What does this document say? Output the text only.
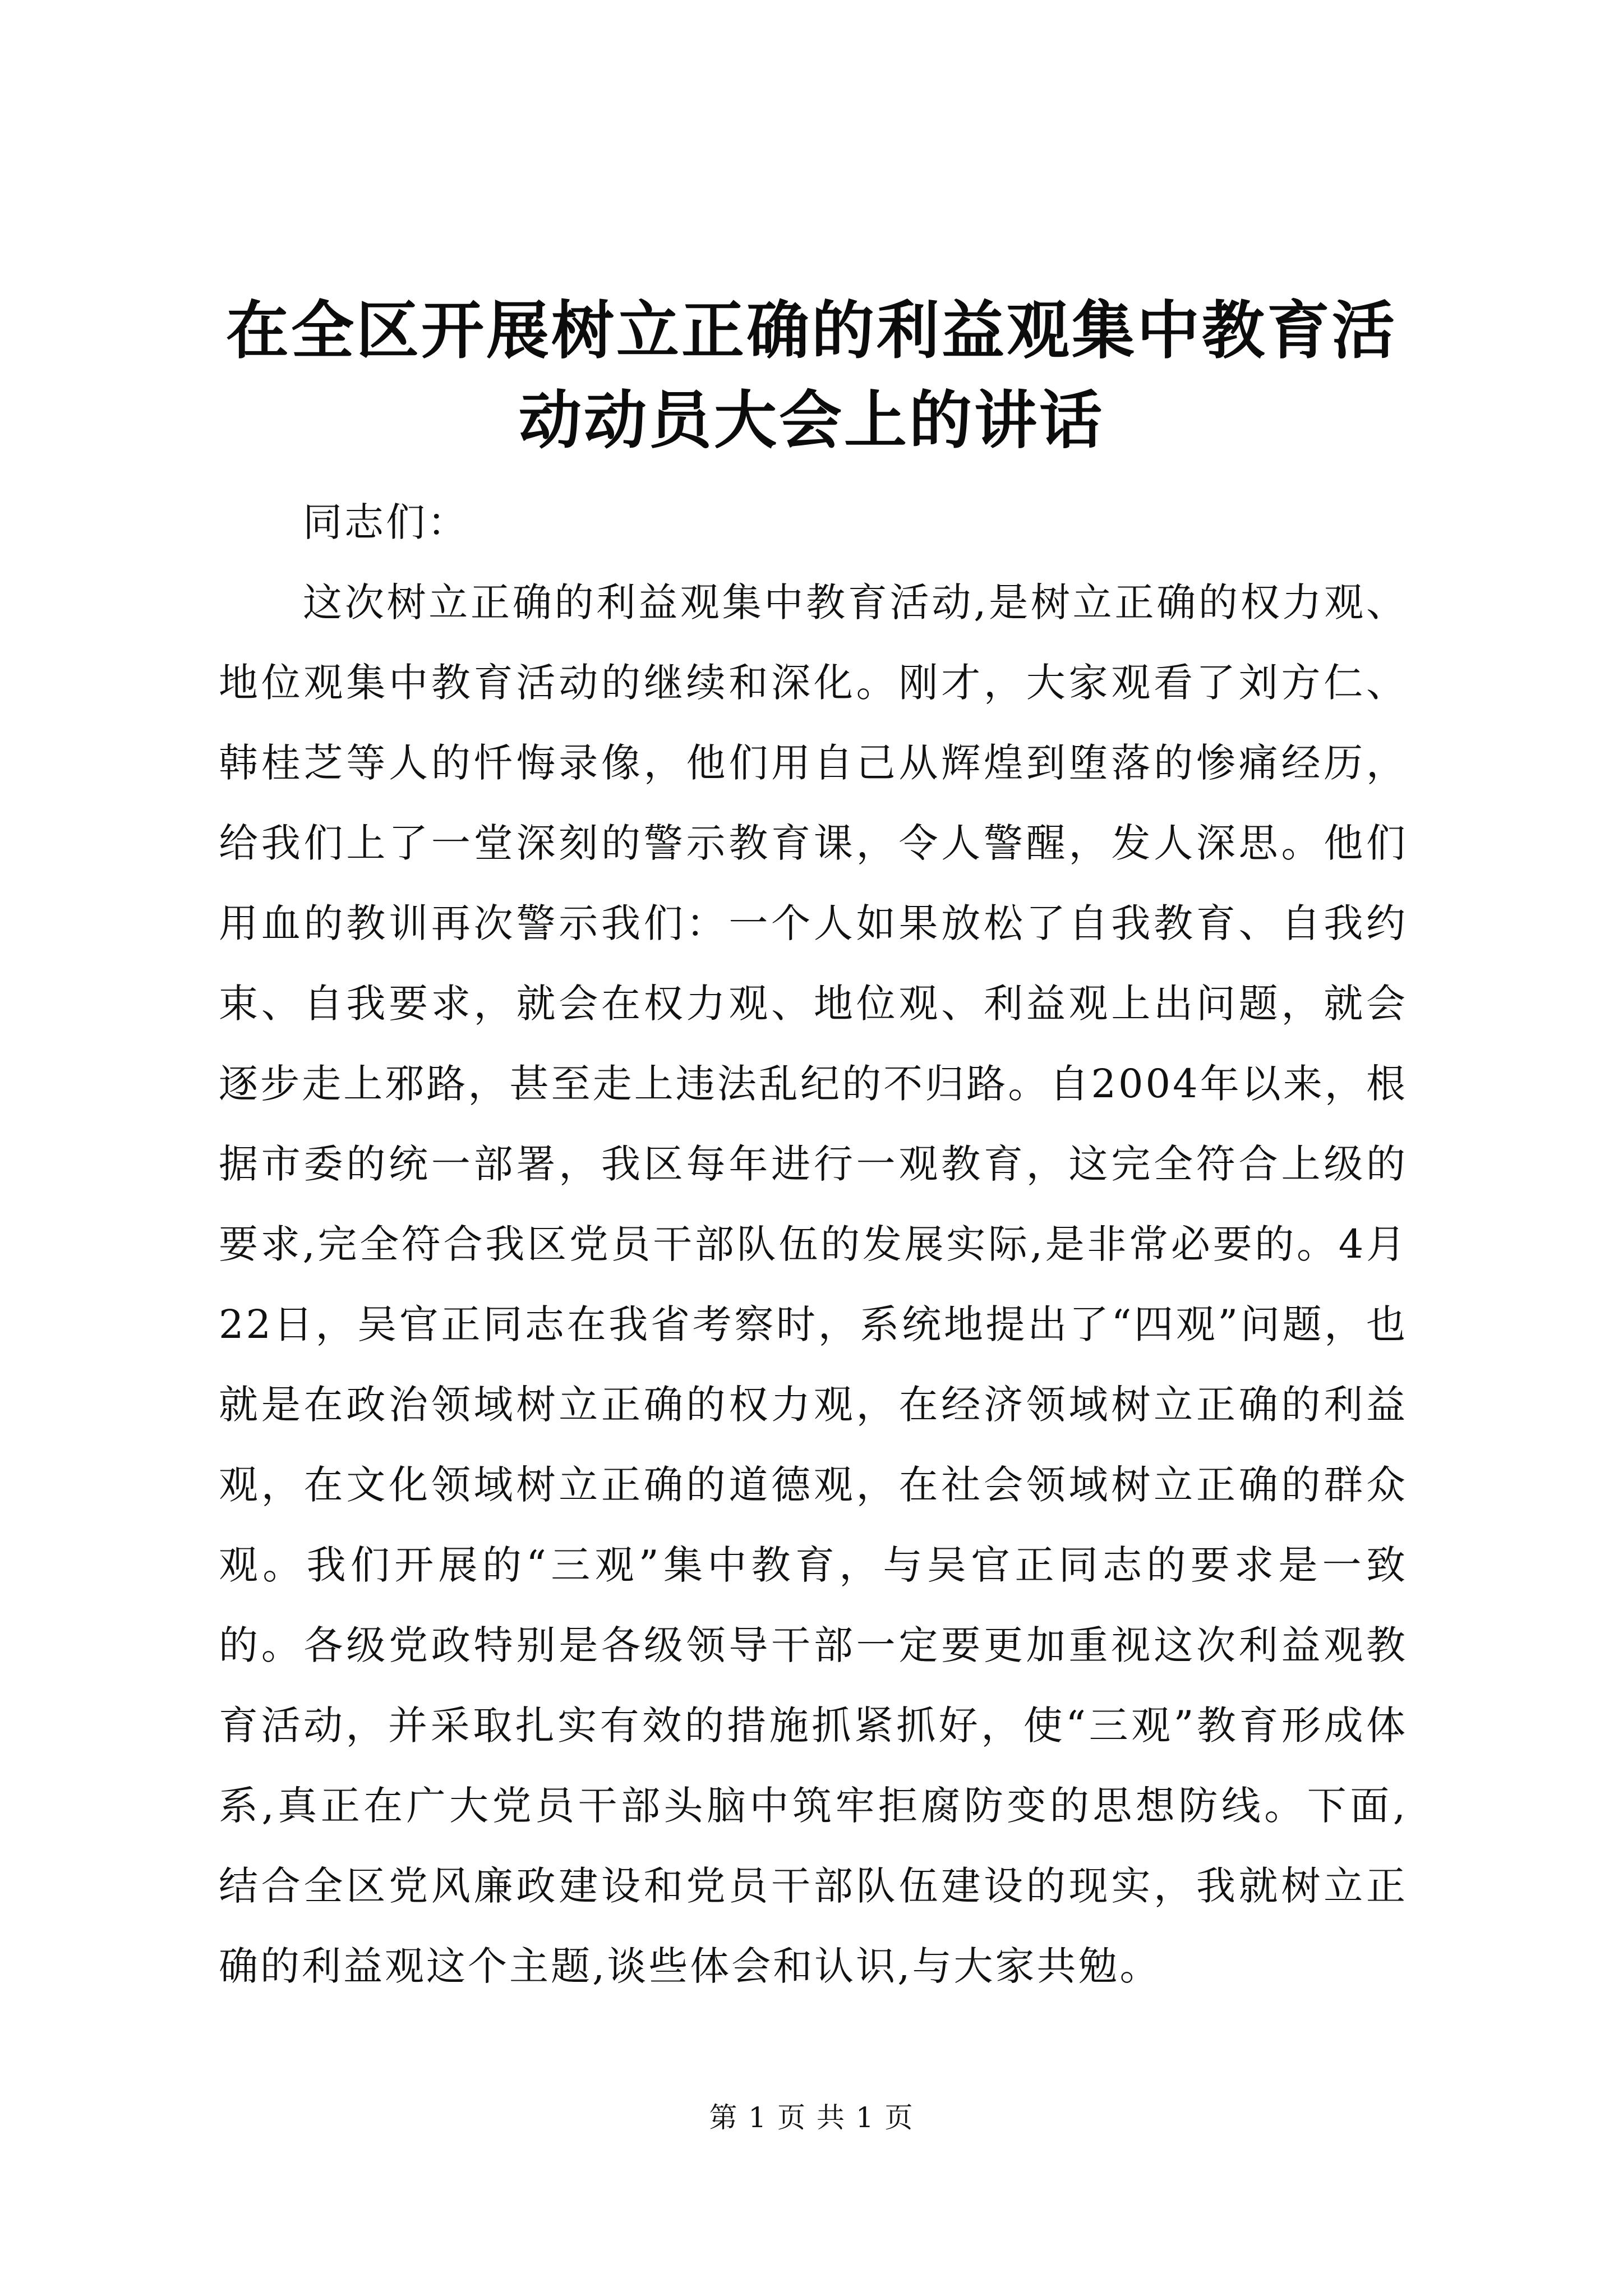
在全区开展树立正确的利益观集中教育活动动员大会上的讲话

同志们：

这次树立正确的利益观集中教育活动,是树立正确的权力观、地位观集中教育活动的继续和深化。刚才，大家观看了刘方仁、韩桂芝等人的忏悔录像，他们用自己从辉煌到堕落的惨痛经历，给我们上了一堂深刻的警示教育课，令人警醒，发人深思。他们用血的教训再次警示我们：一个人如果放松了自我教育、自我约束、自我要求，就会在权力观、地位观、利益观上出问题，就会逐步走上邪路，甚至走上违法乱纪的不归路。自2004年以来，根据市委的统一部署，我区每年进行一观教育，这完全符合上级的要求,完全符合我区党员干部队伍的发展实际,是非常必要的。4月22日，吴官正同志在我省考察时，系统地提出了“四观”问题，也就是在政治领域树立正确的权力观，在经济领域树立正确的利益观，在文化领域树立正确的道德观，在社会领域树立正确的群众观。我们开展的“三观”集中教育，与吴官正同志的要求是一致的。各级党政特别是各级领导干部一定要更加重视这次利益观教育活动，并采取扎实有效的措施抓紧抓好，使“三观”教育形成体系,真正在广大党员干部头脑中筑牢拒腐防变的思想防线。下面,结合全区党风廉政建设和党员干部队伍建设的现实，我就树立正确的利益观这个主题,谈些体会和认识,与大家共勉。

第 1 页 共 1 页
